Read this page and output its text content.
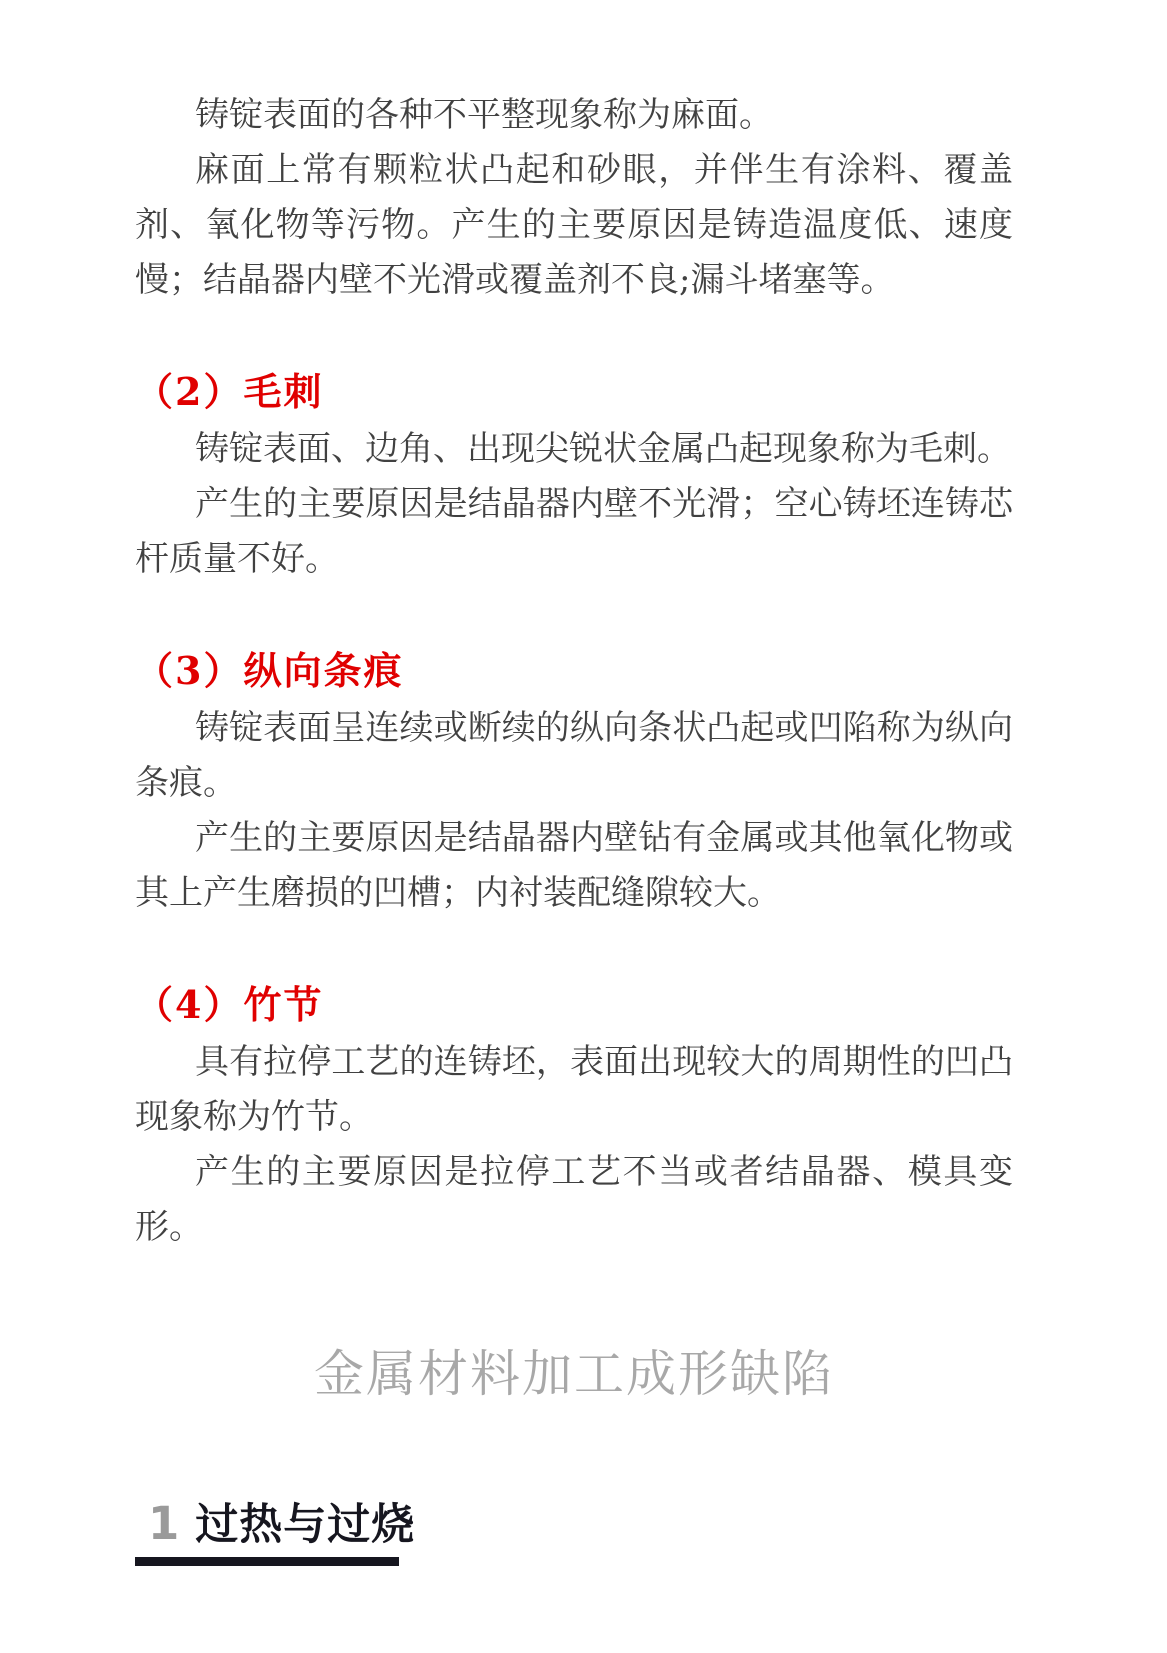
铸锭表面的各种不平整现象称为麻面。

麻面上常有颗粒状凸起和砂眼，并伴生有涂料、覆盖剂、氧化物等污物。产生的主要原因是铸造温度低、速度慢；结晶器内壁不光滑或覆盖剂不良;漏斗堵塞等。

（2）毛刺

铸锭表面、边角、出现尖锐状金属凸起现象称为毛刺。

产生的主要原因是结晶器内壁不光滑；空心铸坯连铸芯杆质量不好。

（3）纵向条痕

铸锭表面呈连续或断续的纵向条状凸起或凹陷称为纵向条痕。

产生的主要原因是结晶器内壁钻有金属或其他氧化物或其上产生磨损的凹槽；内衬装配缝隙较大。

（4）竹节

具有拉停工艺的连铸坯，表面出现较大的周期性的凹凸现象称为竹节。

产生的主要原因是拉停工艺不当或者结晶器、模具变形。

金属材料加工成形缺陷
1 过热与过烧
